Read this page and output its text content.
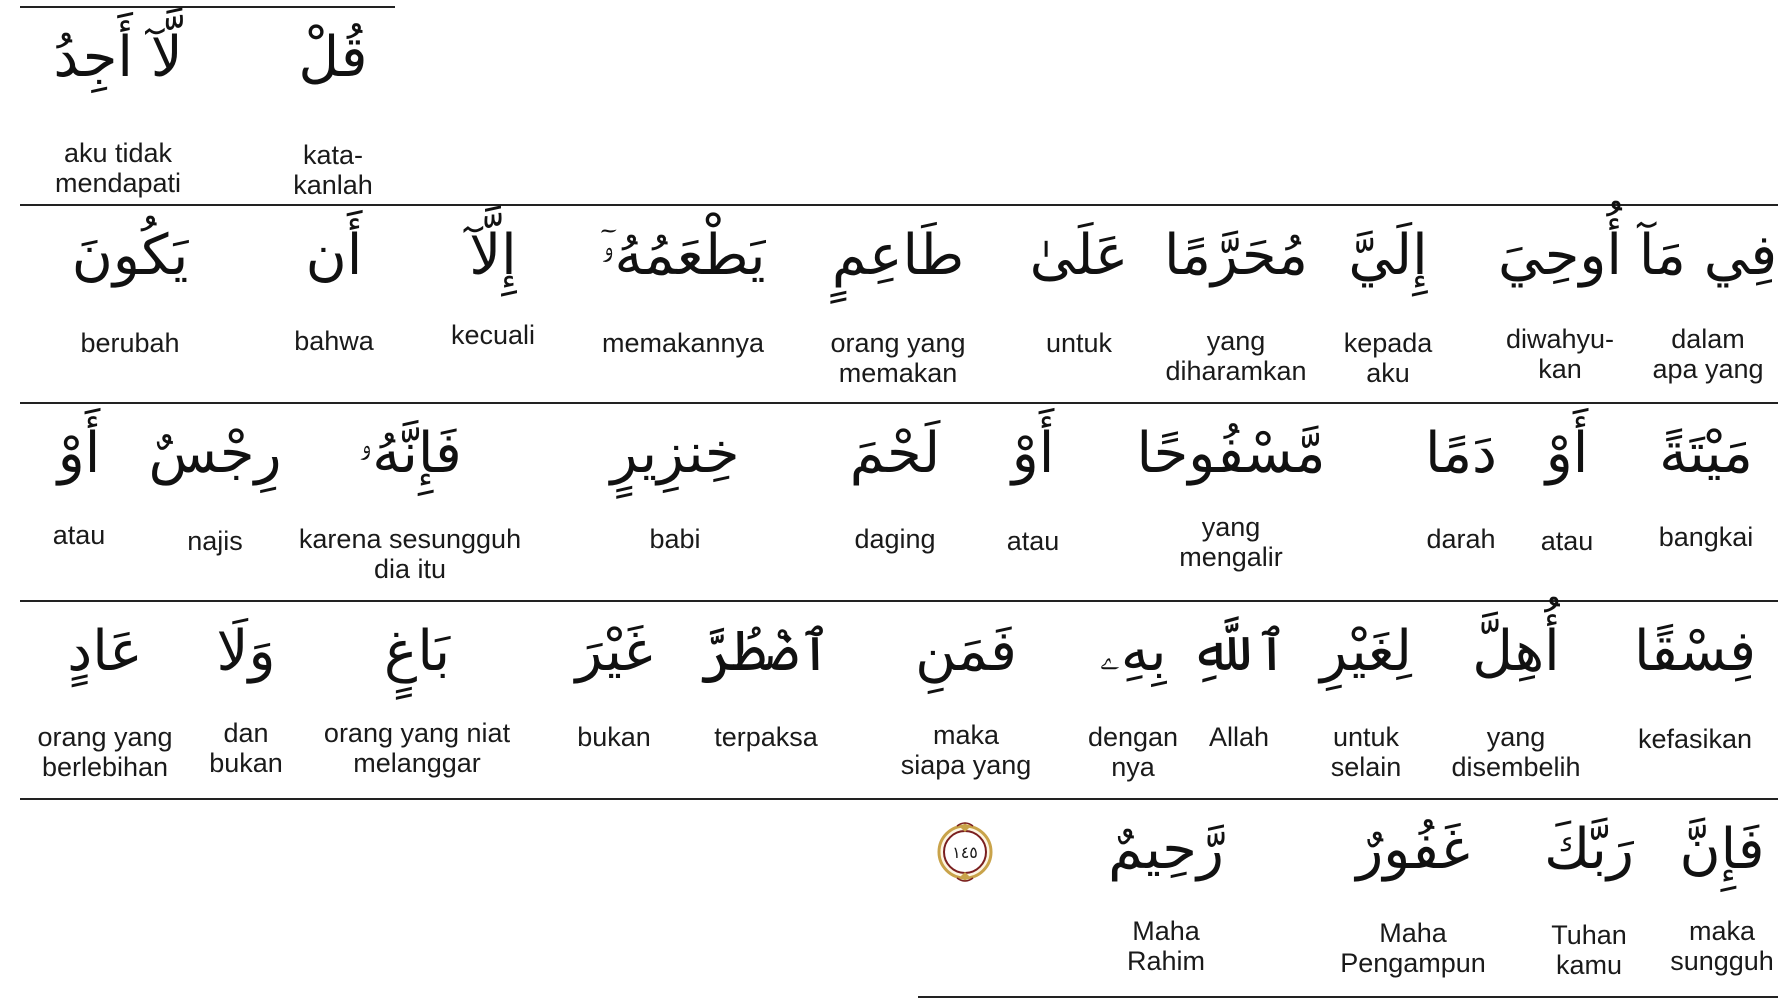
قُلْ
kata-
kanlah
لَّآ أَجِدُ
aku tidak
mendapati
فِي مَآ
dalam
apa yang
أُوحِيَ
diwahyu-
kan
إِلَيَّ
kepada
aku
مُحَرَّمًا
yang
diharamkan
عَلَىٰ
untuk
طَاعِمٍ
orang yang
memakan
يَطْعَمُهُۥٓ
memakannya
إِلَّآ
kecuali
أَن
bahwa
يَكُونَ
berubah
مَيْتَةً
bangkai
أَوْ
atau
دَمًا
darah
مَّسْفُوحًا
yang
mengalir
أَوْ
atau
لَحْمَ
daging
خِنزِيرٍ
babi
فَإِنَّهُۥ
karena sesungguh
dia itu
رِجْسٌ
najis
أَوْ
atau
فِسْقًا
kefasikan
أُهِلَّ
yang
disembelih
لِغَيْرِ
untuk
selain
ٱللَّهِ
Allah
بِهِۦ
dengan
nya
فَمَنِ
maka
siapa yang
ٱضْطُرَّ
terpaksa
غَيْرَ
bukan
بَاغٍ
orang yang niat
melanggar
وَلَا
dan
bukan
عَادٍ
orang yang
berlebihan
فَإِنَّ
maka
sungguh
رَبَّكَ
Tuhan
kamu
غَفُورٌ
Maha
Pengampun
رَّحِيمٌ
Maha
Rahim
١٤٥
